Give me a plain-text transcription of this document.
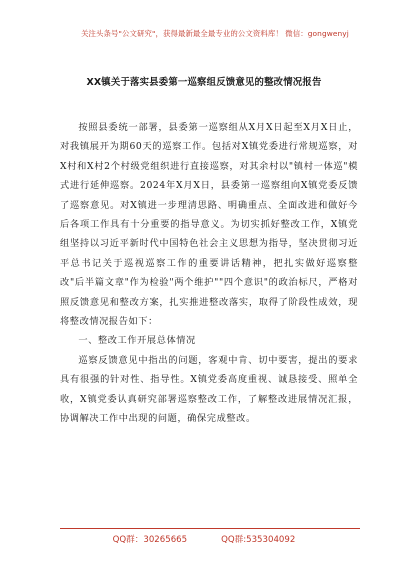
关注头条号"公文研究"，获得最新最全最专业的公文资料库！ 微信：gongwenyj
XX镇关于落实县委第一巡察组反馈意见的整改情况报告

按照县委统一部署，县委第一巡察组从X月X日起至X月X日止，对我镇展开为期60天的巡察工作。包括对X镇党委进行常规巡察，对X村和X村2个村级党组织进行直接巡察，对其余村以"镇村一体巡"模式进行延伸巡察。2024年X月X日，县委第一巡察组向X镇党委反馈了巡察意见。对X镇进一步理清思路、明确重点、全面改进和做好今后各项工作具有十分重要的指导意义。为切实抓好整改工作，X镇党组坚持以习近平新时代中国特色社会主义思想为指导，坚决贯彻习近平总书记关于巡视巡察工作的重要讲话精神，把扎实做好巡察整改"后半篇文章"作为检验"两个维护""四个意识"的政治标尺，严格对照反馈意见和整改方案，扎实推进整改落实，取得了阶段性成效，现将整改情况报告如下：

一、整改工作开展总体情况

巡察反馈意见中指出的问题，客观中肯、切中要害，提出的要求具有很强的针对性、指导性。X镇党委高度重视、诚恳接受、照单全收，X镇党委认真研究部署巡察整改工作，了解整改进展情况汇报，协调解决工作中出现的问题，确保完成整改。

QQ群：30265665	QQ群:535304092
